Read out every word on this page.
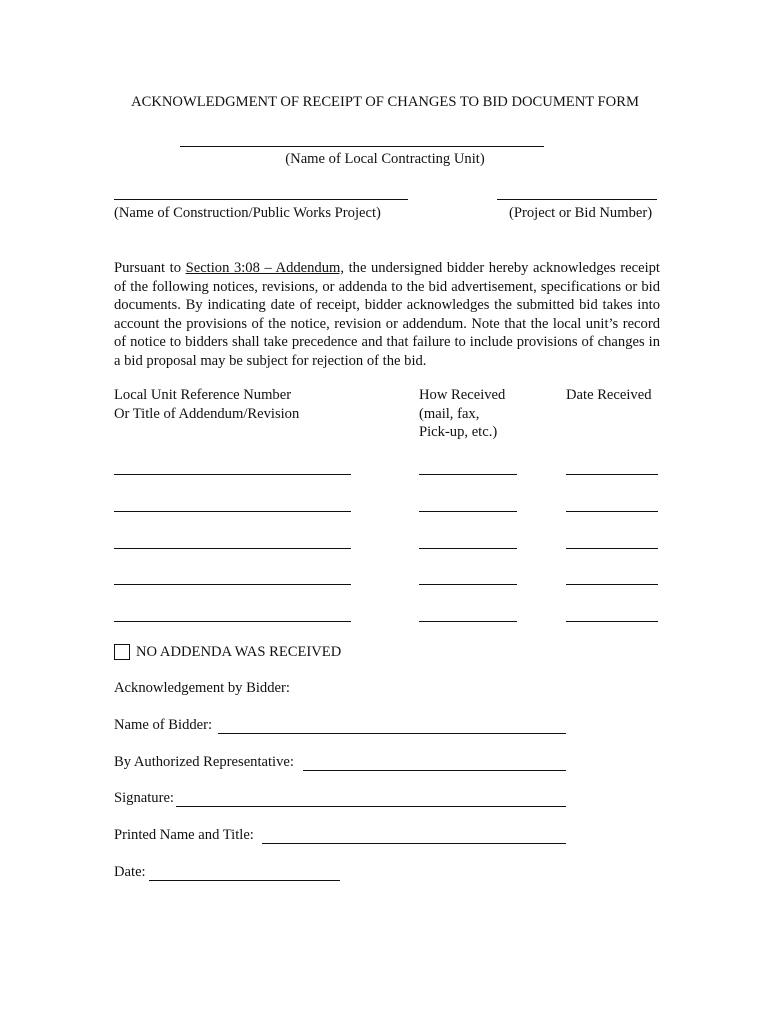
ACKNOWLEDGMENT OF RECEIPT OF CHANGES TO BID DOCUMENT FORM
(Name of Local Contracting Unit)
(Name of Construction/Public Works Project)	(Project or Bid Number)
Pursuant to Section 3:08 – Addendum, the undersigned bidder hereby acknowledges receipt of the following notices, revisions, or addenda to the bid advertisement, specifications or bid documents. By indicating date of receipt, bidder acknowledges the submitted bid takes into account the provisions of the notice, revision or addendum. Note that the local unit’s record of notice to bidders shall take precedence and that failure to include provisions of changes in a bid proposal may be subject for rejection of the bid.
Local Unit Reference Number
Or Title of Addendum/Revision
How Received
(mail, fax,
Pick-up, etc.)
Date Received
NO ADDENDA WAS RECEIVED
Acknowledgement by Bidder:
Name of Bidder:
By Authorized Representative:
Signature:
Printed Name and Title:
Date:
